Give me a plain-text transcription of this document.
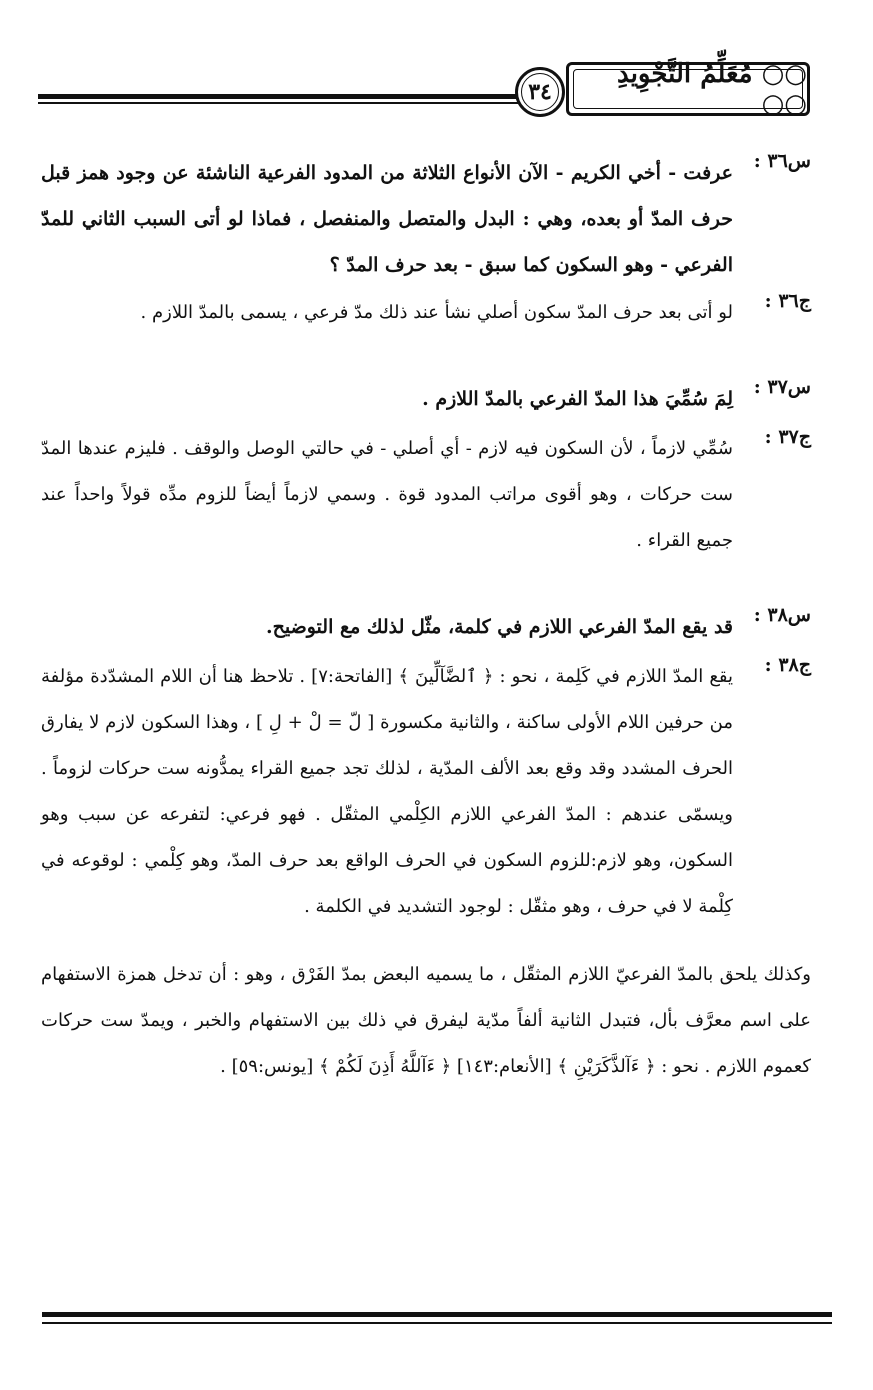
٣٤
○○ مُعَلِّمُ التَّجْوِيدِ ○○
س٣٦ :
عرفت - أخي الكريم - الآن الأنواع الثلاثة من المدود الفرعية الناشئة عن وجود همز قبل حرف المدّ أو بعده، وهي : البدل والمتصل والمنفصل ، فماذا لو أتى السبب الثاني للمدّ الفرعي - وهو السكون كما سبق - بعد حرف المدّ ؟
ج٣٦ :
لو أتى بعد حرف المدّ سكون أصلي نشأ عند ذلك مدّ فرعي ، يسمى بالمدّ اللازم .
س٣٧ :
لِمَ سُمِّيَ هذا المدّ الفرعي بالمدّ اللازم .
ج٣٧ :
سُمِّي لازماً ، لأن السكون فيه لازم - أي أصلي - في حالتي الوصل والوقف . فليزم عندها المدّ ست حركات ، وهو أقوى مراتب المدود قوة . وسمي لازماً أيضاً للزوم مدِّه قولاً واحداً عند جميع القراء .
س٣٨ :
قد يقع المدّ الفرعي اللازم في كلمة، مثّل لذلك مع التوضيح.
ج٣٨ :
يقع المدّ اللازم في كَلِمة ، نحو : ﴿ ٱلضَّآلِّينَ ﴾ [الفاتحة:٧] . تلاحظ هنا أن اللام المشدّدة مؤلفة من حرفين اللام الأولى ساكنة ، والثانية مكسورة [ لّ = لْ + لِ ] ، وهذا السكون لازم لا يفارق الحرف المشدد وقد وقع بعد الألف المدّية ، لذلك تجد جميع القراء يمدُّونه ست حركات لزوماً . ويسمّى عندهم : المدّ الفرعي اللازم الكِلْمي المثقّل . فهو فرعي: لتفرعه عن سبب وهو السكون، وهو لازم:للزوم السكون في الحرف الواقع بعد حرف المدّ، وهو كِلْمي : لوقوعه في كِلْمة لا في حرف ، وهو مثقّل : لوجود التشديد في الكلمة .
وكذلك يلحق بالمدّ الفرعيّ اللازم المثقّل ، ما يسميه البعض بمدّ الفَرْق ، وهو : أن تدخل همزة الاستفهام على اسم معرَّف بأل، فتبدل الثانية ألفاً مدّية ليفرق في ذلك بين الاستفهام والخبر ، ويمدّ ست حركات كعموم اللازم . نحو : ﴿ ءَآلذَّكَرَيْنِ ﴾ [الأنعام:١٤٣] ﴿ ءَآللَّهُ أَذِنَ لَكُمْ ﴾ [يونس:٥٩] .
